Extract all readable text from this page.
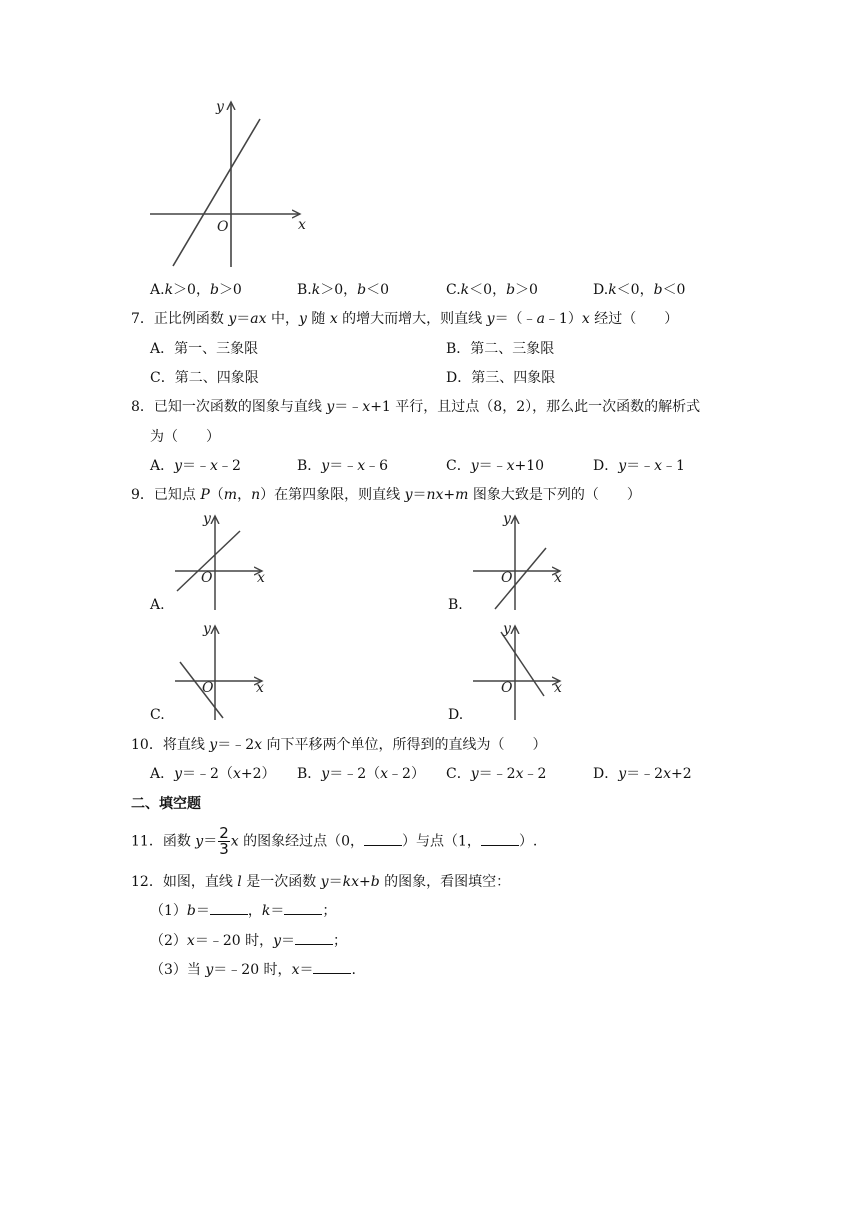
x
y
O
A.k＞0，b＞0	B.k＞0，b＜0	C.k＜0，b＞0	D.k＜0，b＜0
7．正比例函数 y＝ax 中，y 随 x 的增大而增大，则直线 y＝（﹣a﹣1）x 经过（　　）
A．第一、三象限	B．第二、三象限
C．第二、四象限	D．第三、四象限
8．已知一次函数的图象与直线 y＝﹣x+1 平行，且过点（8，2），那么此一次函数的解析式
为（　　）
A．y＝﹣x﹣2	B．y＝﹣x﹣6	C．y＝﹣x+10	D．y＝﹣x﹣1
9．已知点 P（m，n）在第四象限，则直线 y＝nx+m 图象大致是下列的（　　）
x
y
O
A.
x
y
O
B.
x
y
O
C.
x
y
O
D.
10．将直线 y＝﹣2x 向下平移两个单位，所得到的直线为（　　）
A．y＝﹣2（x+2） B．y＝﹣2（x﹣2） C．y＝﹣2x﹣2	D．y＝﹣2x+2
二、填空题
11．函数 $y= \frac{2}{3}$ x 的图象经过点（0，	）与点（1，	）.
12．如图，直线 l 是一次函数 y＝kx+b 的图象，看图填空：
（1）b＝	，k＝	；
（2）x＝﹣20 时，y＝	；
（3）当 y＝﹣20 时，x＝	.
